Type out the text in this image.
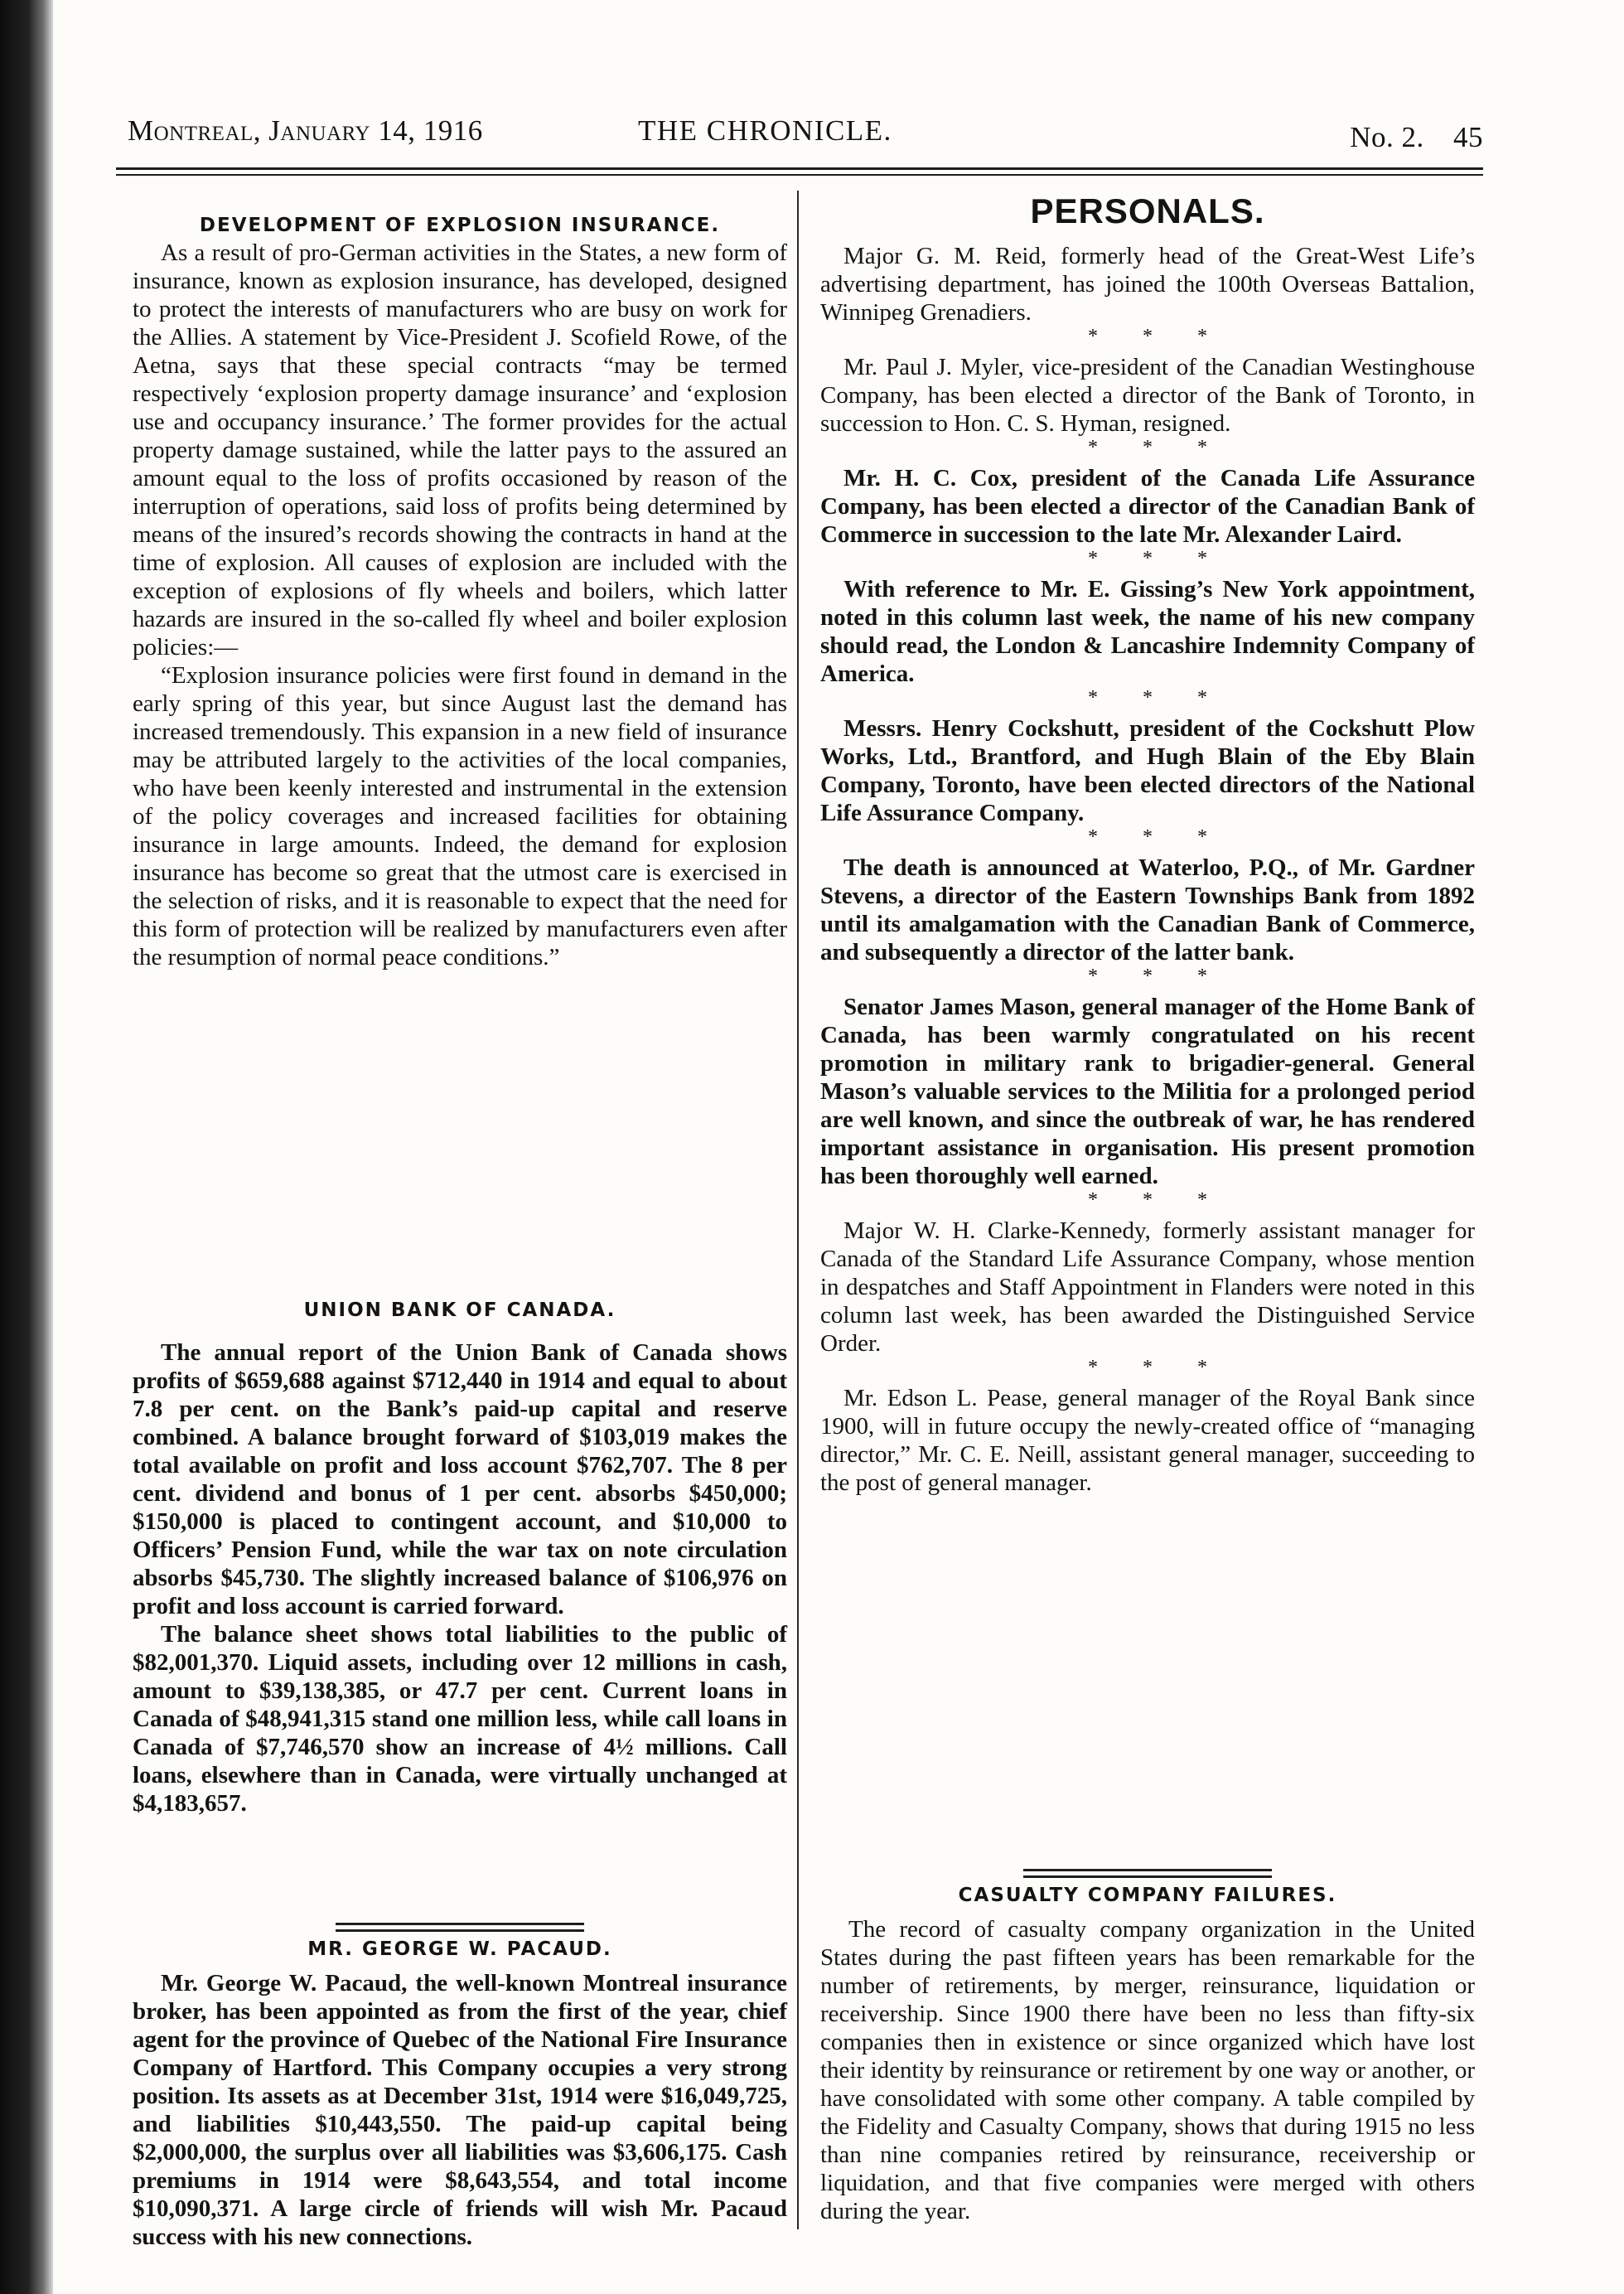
Montreal, January 14, 1916	THE CHRONICLE.	No. 2. 45
DEVELOPMENT OF EXPLOSION INSURANCE.

As a result of pro-German activities in the States, a new form of insurance, known as explosion insurance, has developed, designed to protect the interests of manufacturers who are busy on work for the Allies. A statement by Vice-President J. Scofield Rowe, of the Aetna, says that these special contracts “may be termed respectively ‘explosion property damage insurance’ and ‘explosion use and occupancy insurance.’ The former provides for the actual property damage sustained, while the latter pays to the assured an amount equal to the loss of profits occasioned by reason of the interruption of operations, said loss of profits being determined by means of the insured’s records showing the contracts in hand at the time of explosion. All causes of explosion are included with the exception of explosions of fly wheels and boilers, which latter hazards are insured in the so-called fly wheel and boiler explosion policies:—

“Explosion insurance policies were first found in demand in the early spring of this year, but since August last the demand has increased tremendously. This expansion in a new field of insurance may be attributed largely to the activities of the local companies, who have been keenly interested and instrumental in the extension of the policy coverages and increased facilities for obtaining insurance in large amounts. Indeed, the demand for explosion insurance has become so great that the utmost care is exercised in the selection of risks, and it is reasonable to expect that the need for this form of protection will be realized by manufacturers even after the resumption of normal peace conditions.”

UNION BANK OF CANADA.

The annual report of the Union Bank of Canada shows profits of $659,688 against $712,440 in 1914 and equal to about 7.8 per cent. on the Bank’s paid-up capital and reserve combined. A balance brought forward of $103,019 makes the total available on profit and loss account $762,707. The 8 per cent. dividend and bonus of 1 per cent. absorbs $450,000; $150,000 is placed to contingent account, and $10,000 to Officers’ Pension Fund, while the war tax on note circulation absorbs $45,730. The slightly increased balance of $106,976 on profit and loss account is carried forward.

The balance sheet shows total liabilities to the public of $82,001,370. Liquid assets, including over 12 millions in cash, amount to $39,138,385, or 47.7 per cent. Current loans in Canada of $48,941,315 stand one million less, while call loans in Canada of $7,746,570 show an increase of 4½ millions. Call loans, elsewhere than in Canada, were virtually unchanged at $4,183,657.

MR. GEORGE W. PACAUD.

Mr. George W. Pacaud, the well-known Montreal insurance broker, has been appointed as from the first of the year, chief agent for the province of Quebec of the National Fire Insurance Company of Hartford. This Company occupies a very strong position. Its assets as at December 31st, 1914 were $16,049,725, and liabilities $10,443,550. The paid-up capital being $2,000,000, the surplus over all liabilities was $3,606,175. Cash premiums in 1914 were $8,643,554, and total income $10,090,371. A large circle of friends will wish Mr. Pacaud success with his new connections.

PERSONALS.

Major G. M. Reid, formerly head of the Great-West Life’s advertising department, has joined the 100th Overseas Battalion, Winnipeg Grenadiers.

* * *

Mr. Paul J. Myler, vice-president of the Canadian Westinghouse Company, has been elected a director of the Bank of Toronto, in succession to Hon. C. S. Hyman, resigned.

* * *

Mr. H. C. Cox, president of the Canada Life Assurance Company, has been elected a director of the Canadian Bank of Commerce in succession to the late Mr. Alexander Laird.

* * *

With reference to Mr. E. Gissing’s New York appointment, noted in this column last week, the name of his new company should read, the London & Lancashire Indemnity Company of America.

* * *

Messrs. Henry Cockshutt, president of the Cockshutt Plow Works, Ltd., Brantford, and Hugh Blain of the Eby Blain Company, Toronto, have been elected directors of the National Life Assurance Company.

* * *

The death is announced at Waterloo, P.Q., of Mr. Gardner Stevens, a director of the Eastern Townships Bank from 1892 until its amalgamation with the Canadian Bank of Commerce, and subsequently a director of the latter bank.

* * *

Senator James Mason, general manager of the Home Bank of Canada, has been warmly congratulated on his recent promotion in military rank to brigadier-general. General Mason’s valuable services to the Militia for a prolonged period are well known, and since the outbreak of war, he has rendered important assistance in organisation. His present promotion has been thoroughly well earned.

* * *

Major W. H. Clarke-Kennedy, formerly assistant manager for Canada of the Standard Life Assurance Company, whose mention in despatches and Staff Appointment in Flanders were noted in this column last week, has been awarded the Distinguished Service Order.

* * *

Mr. Edson L. Pease, general manager of the Royal Bank since 1900, will in future occupy the newly-created office of “managing director,” Mr. C. E. Neill, assistant general manager, succeeding to the post of general manager.

CASUALTY COMPANY FAILURES.

The record of casualty company organization in the United States during the past fifteen years has been remarkable for the number of retirements, by merger, reinsurance, liquidation or receivership. Since 1900 there have been no less than fifty-six companies then in existence or since organized which have lost their identity by reinsurance or retirement by one way or another, or have consolidated with some other company. A table compiled by the Fidelity and Casualty Company, shows that during 1915 no less than nine companies retired by reinsurance, receivership or liquidation, and that five companies were merged with others during the year.
